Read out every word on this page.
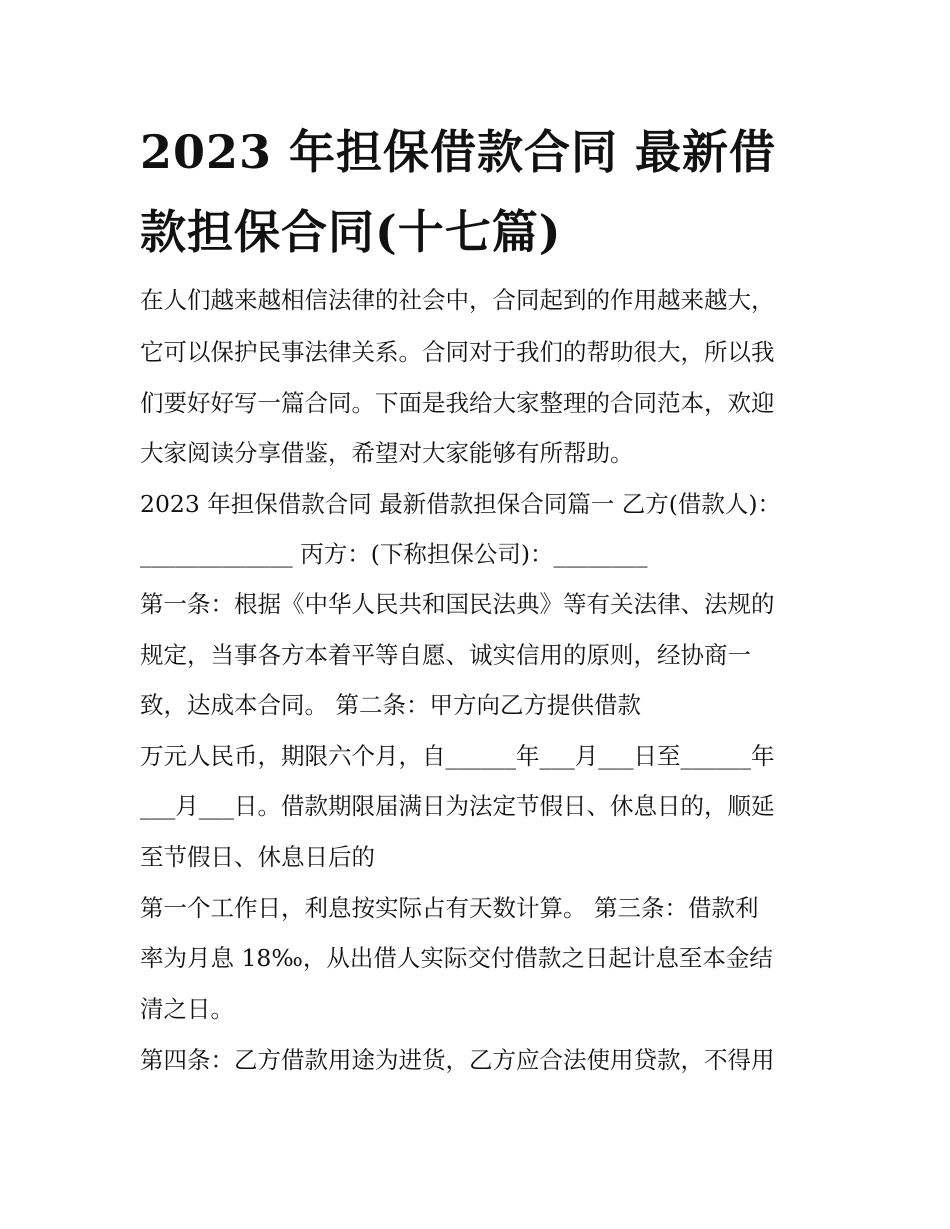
2023 年担保借款合同 最新借
款担保合同(十七篇)

在人们越来越相信法律的社会中，合同起到的作用越来越大，

它可以保护民事法律关系。合同对于我们的帮助很大，所以我

们要好好写一篇合同。下面是我给大家整理的合同范本，欢迎

大家阅读分享借鉴，希望对大家能够有所帮助。

2023 年担保借款合同 最新借款担保合同篇一 乙方(借款人)：

_____________ 丙方：(下称担保公司)：________

第一条：根据《中华人民共和国民法典》等有关法律、法规的

规定，当事各方本着平等自愿、诚实信用的原则，经协商一

致，达成本合同。 第二条：甲方向乙方提供借款

万元人民币，期限六个月，自______年___月___日至______年

___月___日。借款期限届满日为法定节假日、休息日的，顺延

至节假日、休息日后的

第一个工作日，利息按实际占有天数计算。 第三条：借款利

率为月息 18‰，从出借人实际交付借款之日起计息至本金结

清之日。

第四条：乙方借款用途为进货，乙方应合法使用贷款，不得用
